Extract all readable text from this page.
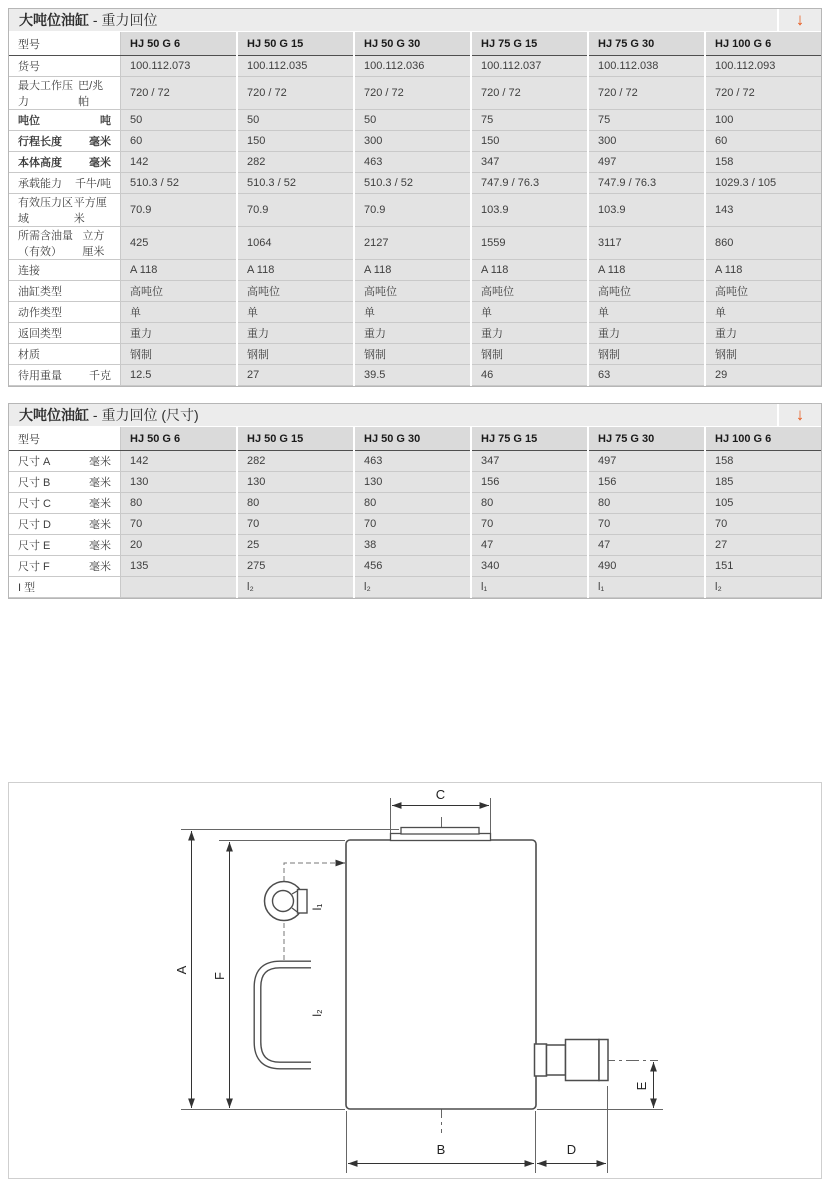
大吨位油缸 - 重力回位	↓
型号	HJ 50 G 6	HJ 50 G 15	HJ 50 G 30	HJ 75 G 15	HJ 75 G 30	HJ 100 G 6

货号	100.112.073	100.112.035	100.112.036	100.112.037	100.112.038	100.112.093

最大工作压力
巴/兆帕	720 / 72	720 / 72	720 / 72	720 / 72	720 / 72	720 / 72

吨位 吨	50	50	50	75	75	100

行程长度 毫米	60	150	300	150	300	60

本体高度 毫米	142	282	463	347	497	158

承载能力 千牛/吨	510.3 / 52	510.3 / 52	510.3 / 52	747.9 / 76.3	747.9 / 76.3	1029.3 / 105

有效压力区域
平方厘米	70.9	70.9	70.9	103.9	103.9	143

所需含油量（有效）
立方厘米	425	1064	2127	1559	3117	860

连接	A 118	A 118	A 118	A 118	A 118	A 118

油缸类型	高吨位	高吨位	高吨位	高吨位	高吨位	高吨位

动作类型	单	单	单	单	单	单

返回类型	重力	重力	重力	重力	重力	重力

材质	钢制	钢制	钢制	钢制	钢制	钢制

待用重量 千克	12.5	27	39.5	46	63	29
大吨位油缸 - 重力回位 (尺寸)	↓
型号	HJ 50 G 6	HJ 50 G 15	HJ 50 G 30	HJ 75 G 15	HJ 75 G 30	HJ 100 G 6

尺寸 A 毫米	142	282	463	347	497	158

尺寸 B 毫米	130	130	130	156	156	185

尺寸 C 毫米	80	80	80	80	80	105

尺寸 D 毫米	70	70	70	70	70	70

尺寸 E 毫米	20	25	38	47	47	27

尺寸 F 毫米	135	275	456	340	490	151

I 型		l₂	l₂	l₁	l₁	l₂
C
B	D
A
F
E
l₁
l₂
